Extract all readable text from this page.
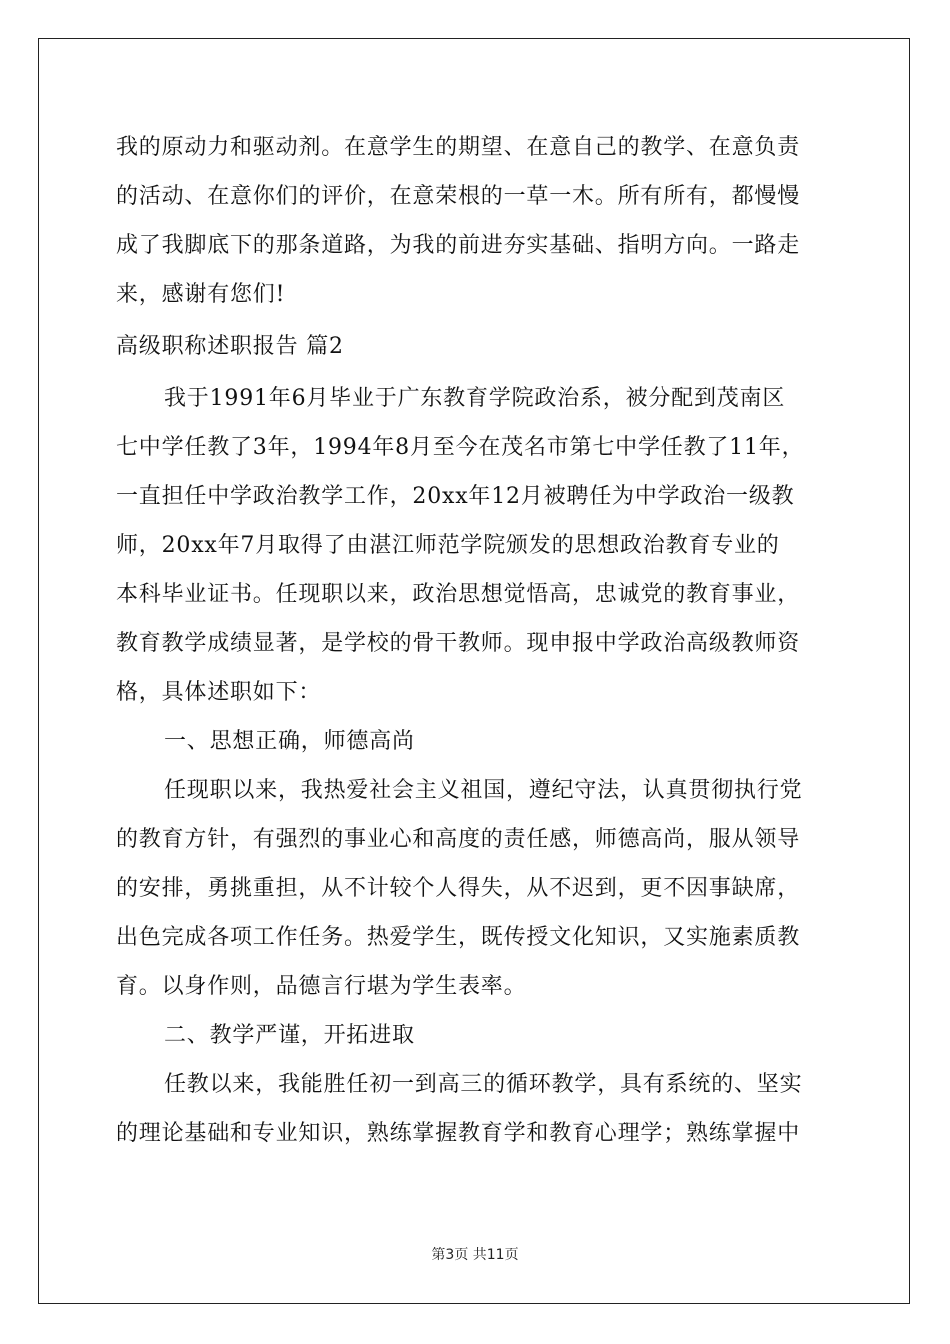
我的原动力和驱动剂。在意学生的期望、在意自己的教学、在意负责
的活动、在意你们的评价，在意荣根的一草一木。所有所有，都慢慢
成了我脚底下的那条道路，为我的前进夯实基础、指明方向。一路走
来，感谢有您们!
高级职称述职报告 篇2
我于1991年6月毕业于广东教育学院政治系，被分配到茂南区
七中学任教了3年，1994年8月至今在茂名市第七中学任教了11年，
一直担任中学政治教学工作，20xx年12月被聘任为中学政治一级教
师，20xx年7月取得了由湛江师范学院颁发的思想政治教育专业的
本科毕业证书。任现职以来，政治思想觉悟高，忠诚党的教育事业，
教育教学成绩显著，是学校的骨干教师。现申报中学政治高级教师资
格，具体述职如下：
一、思想正确，师德高尚
任现职以来，我热爱社会主义祖国，遵纪守法，认真贯彻执行党
的教育方针，有强烈的事业心和高度的责任感，师德高尚，服从领导
的安排，勇挑重担，从不计较个人得失，从不迟到，更不因事缺席，
出色完成各项工作任务。热爱学生，既传授文化知识，又实施素质教
育。以身作则，品德言行堪为学生表率。
二、教学严谨，开拓进取
任教以来，我能胜任初一到高三的循环教学，具有系统的、坚实
的理论基础和专业知识，熟练掌握教育学和教育心理学；熟练掌握中
第3页 共11页
